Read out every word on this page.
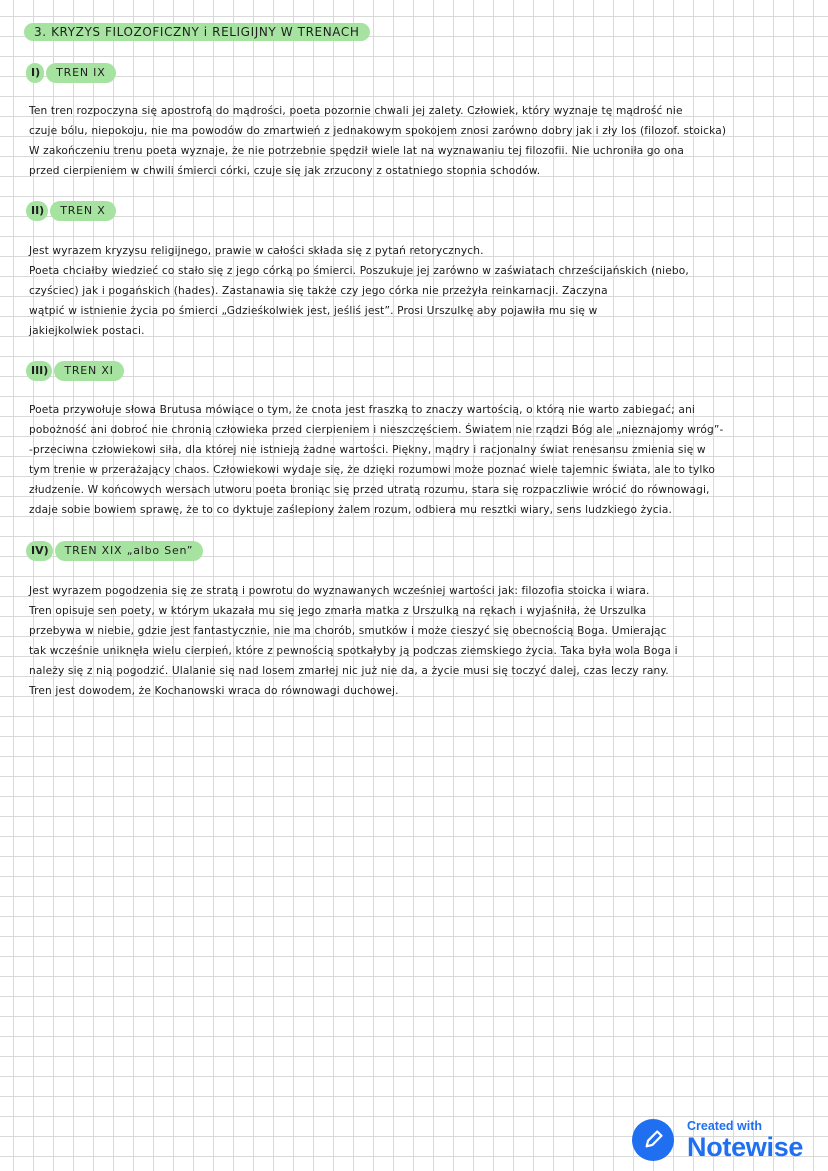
3. KRYZYS FILOZOFICZNY i RELIGIJNY W TRENACH
I)	TREN IX
Ten tren rozpoczyna się apostrofą do mądrości, poeta pozornie chwali jej zalety. Człowiek, który wyznaje tę mądrość nie
czuje bólu, niepokoju, nie ma powodów do zmartwień z jednakowym spokojem znosi zarówno dobry jak i zły los (filozof. stoicka)
W zakończeniu trenu poeta wyznaje, że nie potrzebnie spędził wiele lat na wyznawaniu tej filozofii. Nie uchroniła go ona
przed cierpieniem w chwili śmierci córki, czuje się jak zrzucony z ostatniego stopnia schodów.
II)	TREN X
Jest wyrazem kryzysu religijnego, prawie w całości składa się z pytań retorycznych.
Poeta chciałby wiedzieć co stało się z jego córką po śmierci. Poszukuje jej zarówno w zaświatach chrześcijańskich (niebo,
czyściec) jak i pogańskich (hades). Zastanawia się także czy jego córka nie przeżyła reinkarnacji. Zaczyna
wątpić w istnienie życia po śmierci „Gdzieśkolwiek jest, jeśliś jest”. Prosi Urszulkę aby pojawiła mu się w
jakiejkolwiek postaci.
III)	TREN XI
Poeta przywołuje słowa Brutusa mówiące o tym, że cnota jest fraszką to znaczy wartością, o którą nie warto zabiegać; ani
pobożność ani dobroć nie chronią człowieka przed cierpieniem i nieszczęściem. Światem nie rządzi Bóg ale „nieznajomy wróg”-
-przeciwna człowiekowi siła, dla której nie istnieją żadne wartości. Piękny, mądry i racjonalny świat renesansu zmienia się w
tym trenie w przerażający chaos. Człowiekowi wydaje się, że dzięki rozumowi może poznać wiele tajemnic świata, ale to tylko
złudzenie. W końcowych wersach utworu poeta broniąc się przed utratą rozumu, stara się rozpaczliwie wrócić do równowagi,
zdaje sobie bowiem sprawę, że to co dyktuje zaślepiony żalem rozum, odbiera mu resztki wiary, sens ludzkiego życia.
IV)	TREN XIX „albo Sen”
Jest wyrazem pogodzenia się ze stratą i powrotu do wyznawanych wcześniej wartości jak: filozofia stoicka i wiara.
Tren opisuje sen poety, w którym ukazała mu się jego zmarła matka z Urszulką na rękach i wyjaśniła, że Urszulka
przebywa w niebie, gdzie jest fantastycznie, nie ma chorób, smutków i może cieszyć się obecnością Boga. Umierając
tak wcześnie uniknęła wielu cierpień, które z pewnością spotkałyby ją podczas ziemskiego życia. Taka była wola Boga i
należy się z nią pogodzić. Ulalanie się nad losem zmarłej nic już nie da, a życie musi się toczyć dalej, czas leczy rany.
Tren jest dowodem, że Kochanowski wraca do równowagi duchowej.
Created with
Notewise
